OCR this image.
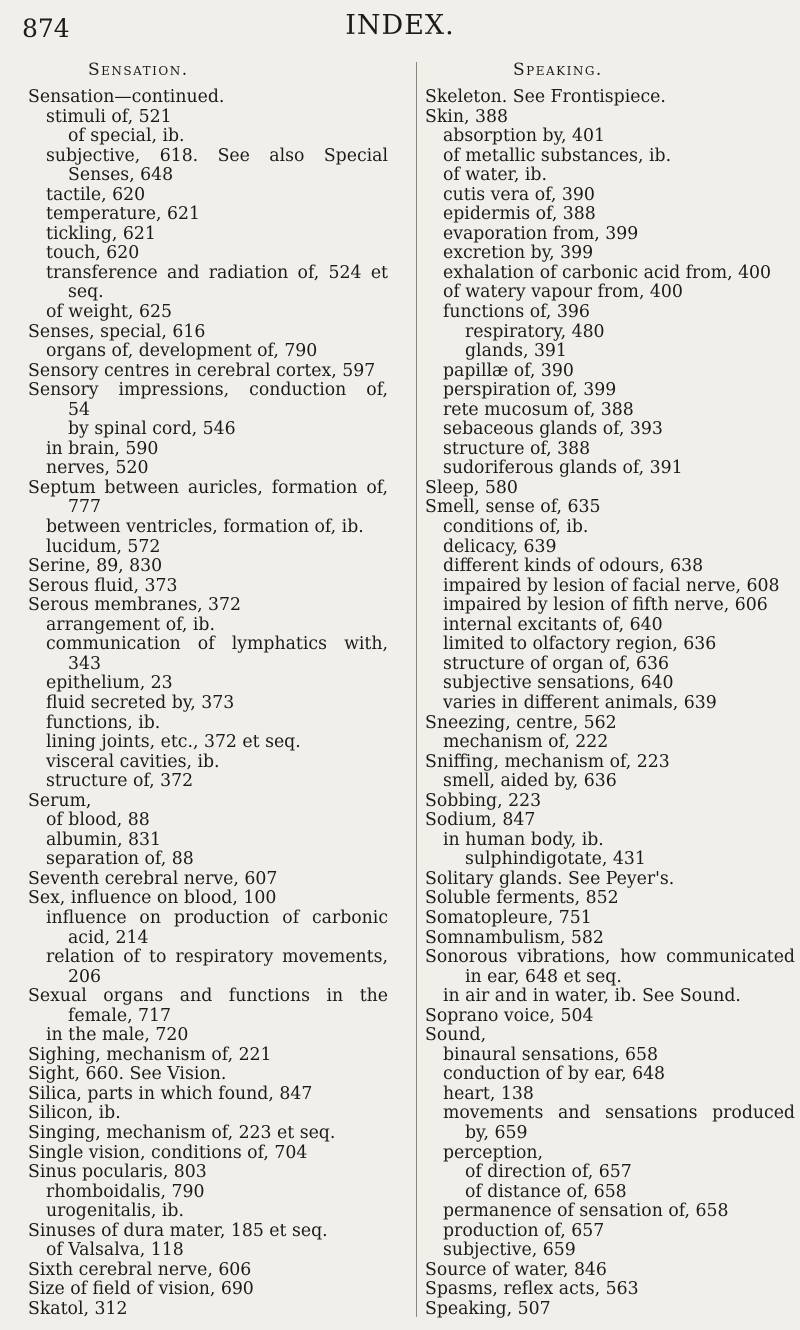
874	INDEX.
Sensation.	Speaking.
Sensation—continued.
stimuli of, 521
of special, ib.
subjective, 618. See also Special
Senses, 648
tactile, 620
temperature, 621
tickling, 621
touch, 620
transference and radiation of, 524 et
seq.
of weight, 625
Senses, special, 616
organs of, development of, 790
Sensory centres in cerebral cortex, 597
Sensory impressions, conduction of,
54
by spinal cord, 546
in brain, 590
nerves, 520
Septum between auricles, formation of,
777
between ventricles, formation of, ib.
lucidum, 572
Serine, 89, 830
Serous fluid, 373
Serous membranes, 372
arrangement of, ib.
communication of lymphatics with,
343
epithelium, 23
fluid secreted by, 373
functions, ib.
lining joints, etc., 372 et seq.
visceral cavities, ib.
structure of, 372
Serum,
of blood, 88
albumin, 831
separation of, 88
Seventh cerebral nerve, 607
Sex, influence on blood, 100
influence on production of carbonic
acid, 214
relation of to respiratory movements,
206
Sexual organs and functions in the
female, 717
in the male, 720
Sighing, mechanism of, 221
Sight, 660. See Vision.
Silica, parts in which found, 847
Silicon, ib.
Singing, mechanism of, 223 et seq.
Single vision, conditions of, 704
Sinus pocularis, 803
rhomboidalis, 790
urogenitalis, ib.
Sinuses of dura mater, 185 et seq.
of Valsalva, 118
Sixth cerebral nerve, 606
Size of field of vision, 690
Skatol, 312
Skeleton. See Frontispiece.
Skin, 388
absorption by, 401
of metallic substances, ib.
of water, ib.
cutis vera of, 390
epidermis of, 388
evaporation from, 399
excretion by, 399
exhalation of carbonic acid from, 400
of watery vapour from, 400
functions of, 396
respiratory, 480
glands, 391
papillæ of, 390
perspiration of, 399
rete mucosum of, 388
sebaceous glands of, 393
structure of, 388
sudoriferous glands of, 391
Sleep, 580
Smell, sense of, 635
conditions of, ib.
delicacy, 639
different kinds of odours, 638
impaired by lesion of facial nerve, 608
impaired by lesion of fifth nerve, 606
internal excitants of, 640
limited to olfactory region, 636
structure of organ of, 636
subjective sensations, 640
varies in different animals, 639
Sneezing, centre, 562
mechanism of, 222
Sniffing, mechanism of, 223
smell, aided by, 636
Sobbing, 223
Sodium, 847
in human body, ib.
sulphindigotate, 431
Solitary glands. See Peyer's.
Soluble ferments, 852
Somatopleure, 751
Somnambulism, 582
Sonorous vibrations, how communicated
in ear, 648 et seq.
in air and in water, ib. See Sound.
Soprano voice, 504
Sound,
binaural sensations, 658
conduction of by ear, 648
heart, 138
movements and sensations produced
by, 659
perception,
of direction of, 657
of distance of, 658
permanence of sensation of, 658
production of, 657
subjective, 659
Source of water, 846
Spasms, reflex acts, 563
Speaking, 507
